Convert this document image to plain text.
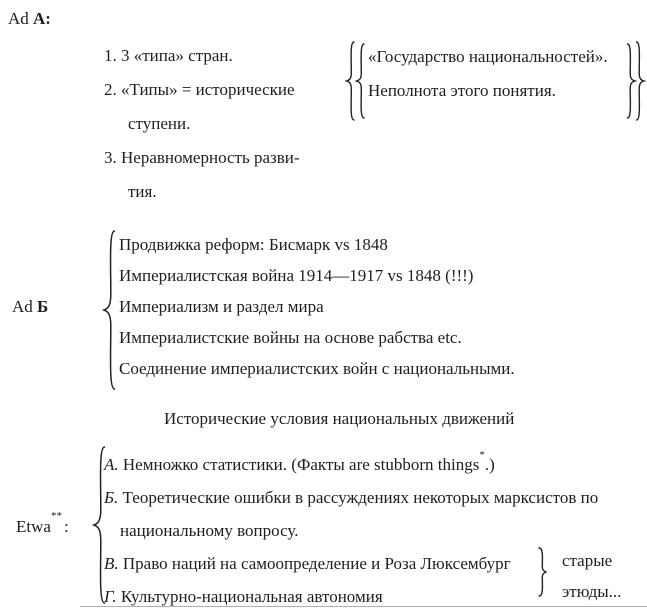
Ad A:
1. 3 «типа» стран.
2. «Типы» = исторические
ступени.
3. Неравномерность разви-
тия.
«Государство национальностей».
Неполнота этого понятия.
Ad Б
Продвижка реформ: Бисмарк vs 1848
Империалистская война 1914—1917 vs 1848 (!!!)
Империализм и раздел мира
Империалистские войны на основе рабства etc.
Соединение империалистских войн с национальными.
Исторические условия национальных движений
Etwa**:
А. Немножко статистики. (Факты are stubborn things*.)
Б. Теоретические ошибки в рассуждениях некоторых марксистов по
национальному вопросу.
В. Право наций на самоопределение и Роза Люксембург
Г. Культурно-национальная автономия
старые
этюды...
